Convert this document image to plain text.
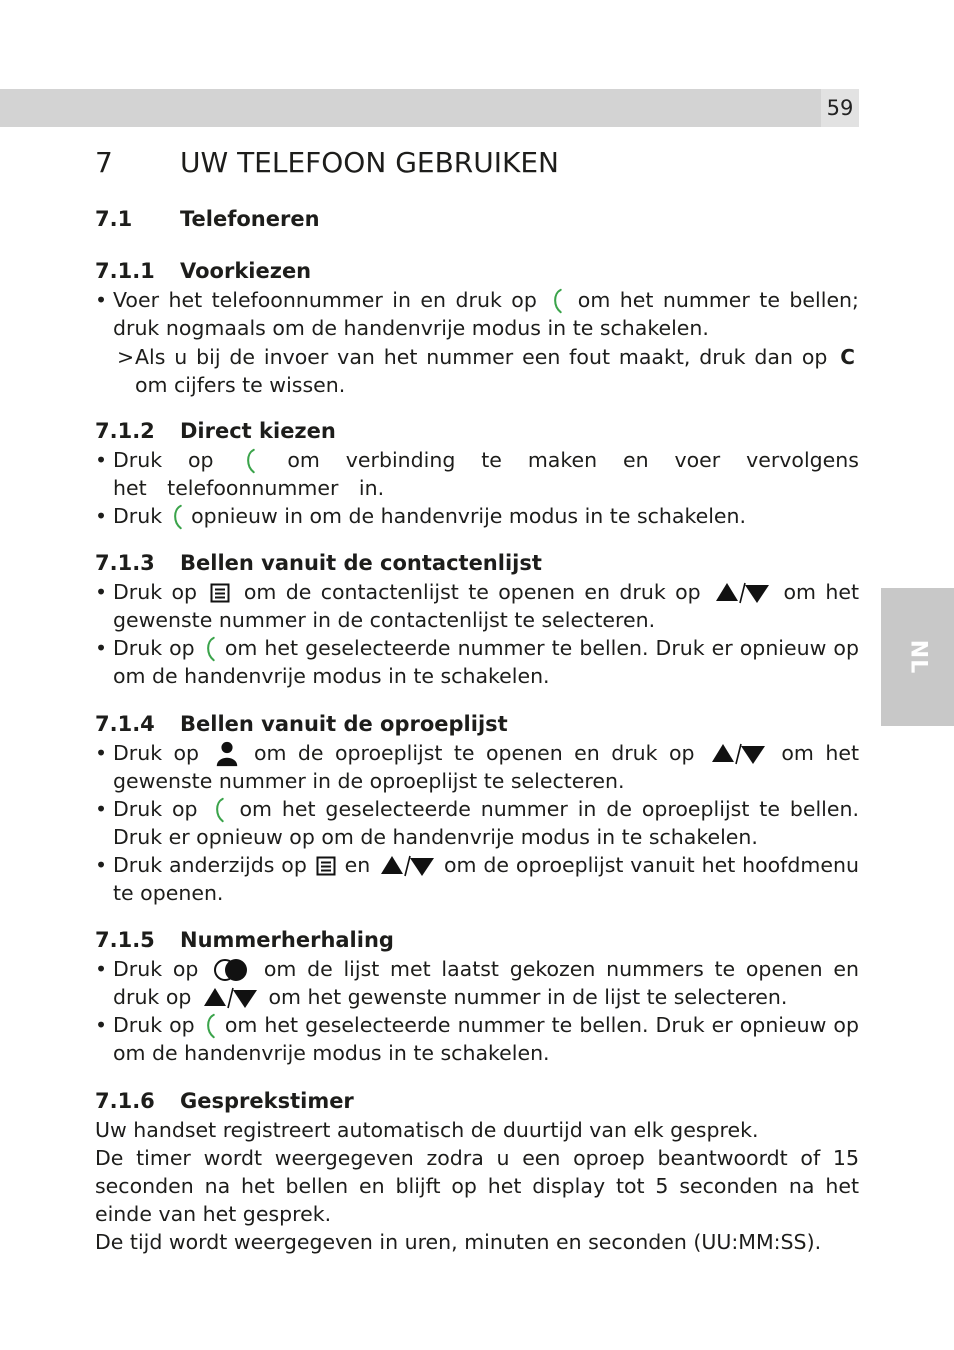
59
NL
7 UW TELEFOON GEBRUIKEN
7.1 Telefoneren
7.1.1 Voorkiezen
• Voer het telefoonnummer in en druk op om het nummer te bellen; druk nogmaals om de handenvrije modus in te schakelen.
> Als u bij de invoer van het nummer een fout maakt, druk dan op C om cijfers te wissen.
7.1.2 Direct kiezen
• Druk op	om verbinding te maken en voer vervolgens het telefoonnummer in.
• Druk opnieuw in om de handenvrije modus in te schakelen.
7.1.3 Bellen vanuit de contactenlijst
• Druk op om de contactenlijst te openen en druk op	om het gewenste nummer in de contactenlijst te selecteren.
• Druk op om het geselecteerde nummer te bellen. Druk er opnieuw op om de handenvrije modus in te schakelen.
7.1.4 Bellen vanuit de oproeplijst
• Druk op	om de oproeplijst te openen en druk op	om het gewenste nummer in de oproeplijst te selecteren.
• Druk op om het geselecteerde nummer in de oproeplijst te bellen. Druk er opnieuw op om de handenvrije modus in te schakelen.
• Druk anderzijds op en	om de oproeplijst vanuit het hoofdmenu te openen.
7.1.5 Nummerherhaling
• Druk op	om de lijst met laatst gekozen nummers te openen en druk op	om het gewenste nummer in de lijst te selecteren.
• Druk op om het geselecteerde nummer te bellen. Druk er opnieuw op om de handenvrije modus in te schakelen.
7.1.6 Gesprekstimer
Uw handset registreert automatisch de duurtijd van elk gesprek.
De timer wordt weergegeven zodra u een oproep beantwoordt of 15 seconden na het bellen en blijft op het display tot 5 seconden na het einde van het gesprek.
De tijd wordt weergegeven in uren, minuten en seconden (UU:MM:SS).
